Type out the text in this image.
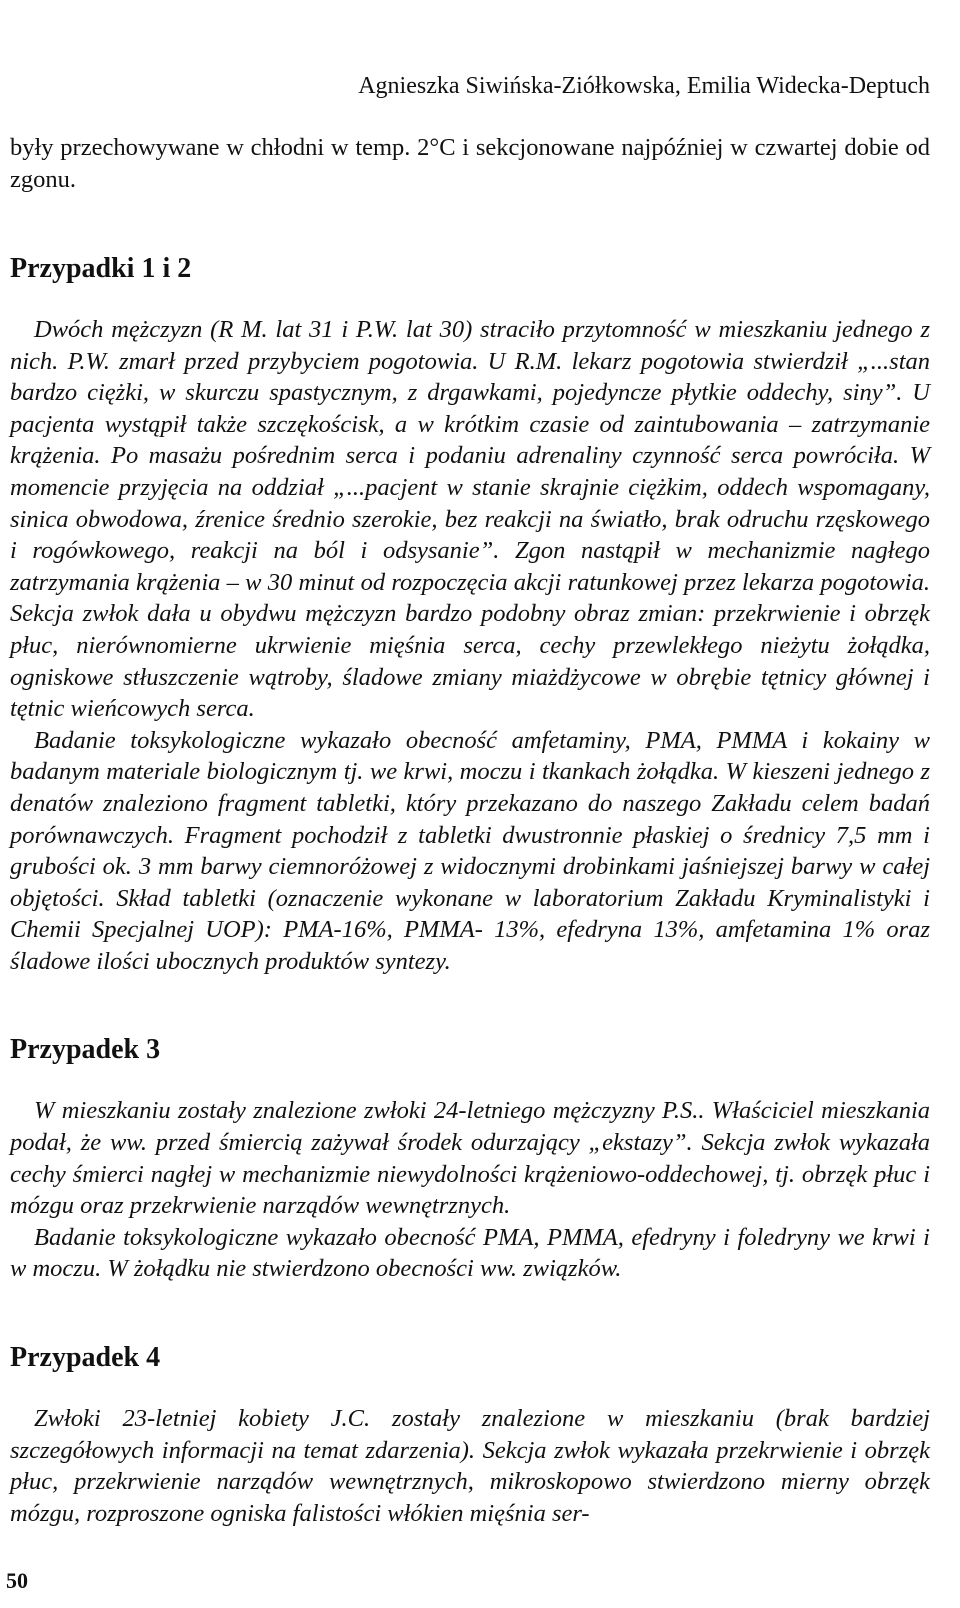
Agnieszka Siwińska-Ziółkowska, Emilia Widecka-Deptuch

były przechowywane w chłodni w temp. 2°C i sekcjonowane najpóźniej w czwartej dobie od zgonu.

Przypadki 1 i 2

Dwóch mężczyzn (R M. lat 31 i P.W. lat 30) straciło przytomność w mieszkaniu jednego z nich. P.W. zmarł przed przybyciem pogotowia. U R.M. lekarz pogotowia stwierdził „...stan bardzo ciężki, w skurczu spastycznym, z drgawkami, pojedyncze płytkie oddechy, siny”. U pacjenta wystąpił także szczękościsk, a w krótkim czasie od zaintubowania – zatrzymanie krążenia. Po masażu pośrednim serca i podaniu adrenaliny czynność serca powróciła. W momencie przyjęcia na oddział „...pacjent w stanie skrajnie ciężkim, oddech wspomagany, sinica obwodowa, źrenice średnio szerokie, bez reakcji na światło, brak odruchu rzęskowego i rogówkowego, reakcji na ból i odsysanie”. Zgon nastąpił w mechanizmie nagłego zatrzymania krążenia – w 30 minut od rozpoczęcia akcji ratunkowej przez lekarza pogotowia. Sekcja zwłok dała u obydwu mężczyzn bardzo podobny obraz zmian: przekrwienie i obrzęk płuc, nierównomierne ukrwienie mięśnia serca, cechy przewlekłego nieżytu żołądka, ogniskowe stłuszczenie wątroby, śladowe zmiany miażdżycowe w obrębie tętnicy głównej i tętnic wieńcowych serca.

Badanie toksykologiczne wykazało obecność amfetaminy, PMA, PMMA i kokainy w badanym materiale biologicznym tj. we krwi, moczu i tkankach żołądka. W kieszeni jednego z denatów znaleziono fragment tabletki, który przekazano do naszego Zakładu celem badań porównawczych. Fragment pochodził z tabletki dwustronnie płaskiej o średnicy 7,5 mm i grubości ok. 3 mm barwy ciemnoróżowej z widocznymi drobinkami jaśniejszej barwy w całej objętości. Skład tabletki (oznaczenie wykonane w laboratorium Zakładu Kryminalistyki i Chemii Specjalnej UOP): PMA-16%, PMMA- 13%, efedryna 13%, amfetamina 1% oraz śladowe ilości ubocznych produktów syntezy.

Przypadek 3

W mieszkaniu zostały znalezione zwłoki 24-letniego mężczyzny P.S.. Właściciel mieszkania podał, że ww. przed śmiercią zażywał środek odurzający „ekstazy”. Sekcja zwłok wykazała cechy śmierci nagłej w mechanizmie niewydolności krążeniowo-oddechowej, tj. obrzęk płuc i mózgu oraz przekrwienie narządów wewnętrznych.

Badanie toksykologiczne wykazało obecność PMA, PMMA, efedryny i foledryny we krwi i w moczu. W żołądku nie stwierdzono obecności ww. związków.

Przypadek 4

Zwłoki 23-letniej kobiety J.C. zostały znalezione w mieszkaniu (brak bardziej szczegółowych informacji na temat zdarzenia). Sekcja zwłok wykazała przekrwienie i obrzęk płuc, przekrwienie narządów wewnętrznych, mikroskopowo stwierdzono mierny obrzęk mózgu, rozproszone ogniska falistości włókien mięśnia ser-

50
